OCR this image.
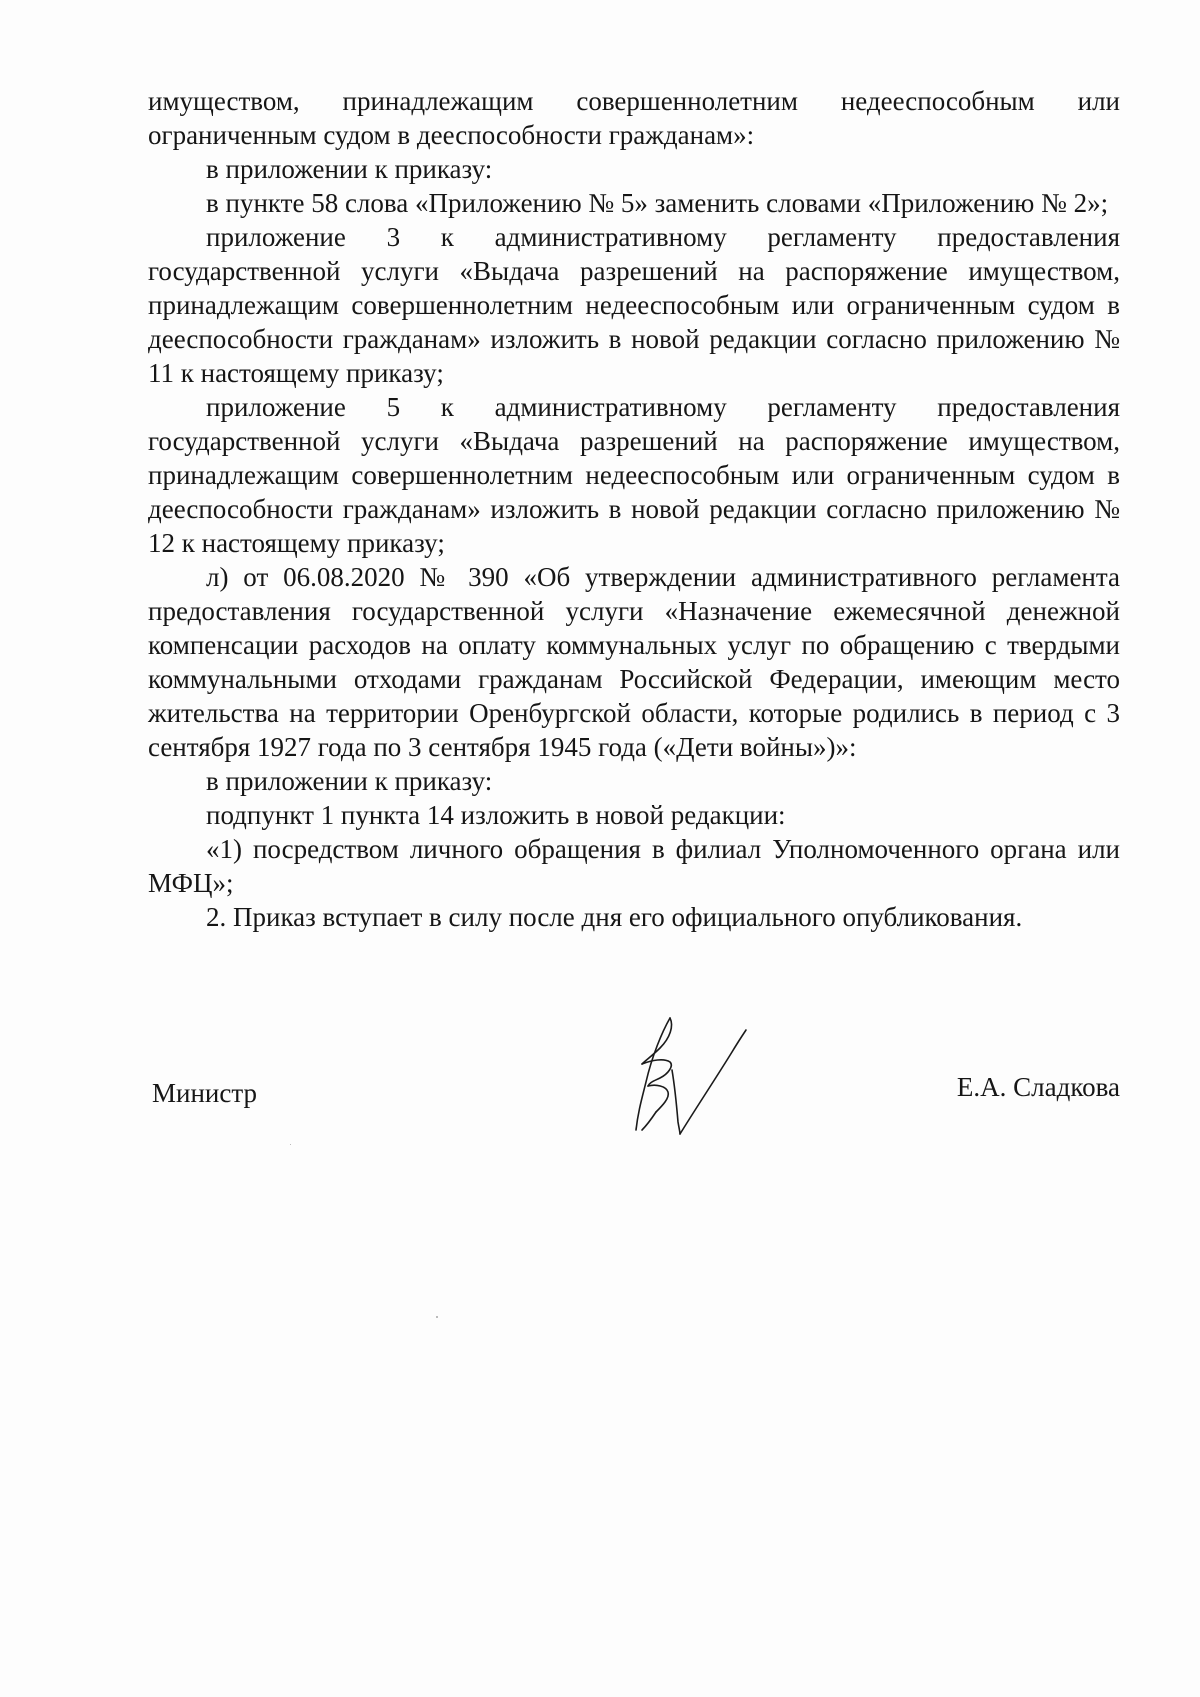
имуществом, принадлежащим совершеннолетним недееспособным или ограниченным судом в дееспособности гражданам»:

в приложении к приказу:

в пункте 58 слова «Приложению № 5» заменить словами «Приложению № 2»;

приложение 3 к административному регламенту предоставления государственной услуги «Выдача разрешений на распоряжение имуществом, принадлежащим совершеннолетним недееспособным или ограниченным судом в дееспособности гражданам» изложить в новой редакции согласно приложению № 11 к настоящему приказу;

приложение 5 к административному регламенту предоставления государственной услуги «Выдача разрешений на распоряжение имуществом, принадлежащим совершеннолетним недееспособным или ограниченным судом в дееспособности гражданам» изложить в новой редакции согласно приложению № 12 к настоящему приказу;

л) от 06.08.2020 № 390 «Об утверждении административного регламента предоставления государственной услуги «Назначение ежемесячной денежной компенсации расходов на оплату коммунальных услуг по обращению с твердыми коммунальными отходами гражданам Российской Федерации, имеющим место жительства на территории Оренбургской области, которые родились в период с 3 сентября 1927 года по 3 сентября 1945 года («Дети войны»)»:

в приложении к приказу:

подпункт 1 пункта 14 изложить в новой редакции:

«1) посредством личного обращения в филиал Уполномоченного органа или МФЦ»;

2. Приказ вступает в силу после дня его официального опубликования.

Министр	Е.А. Сладкова
